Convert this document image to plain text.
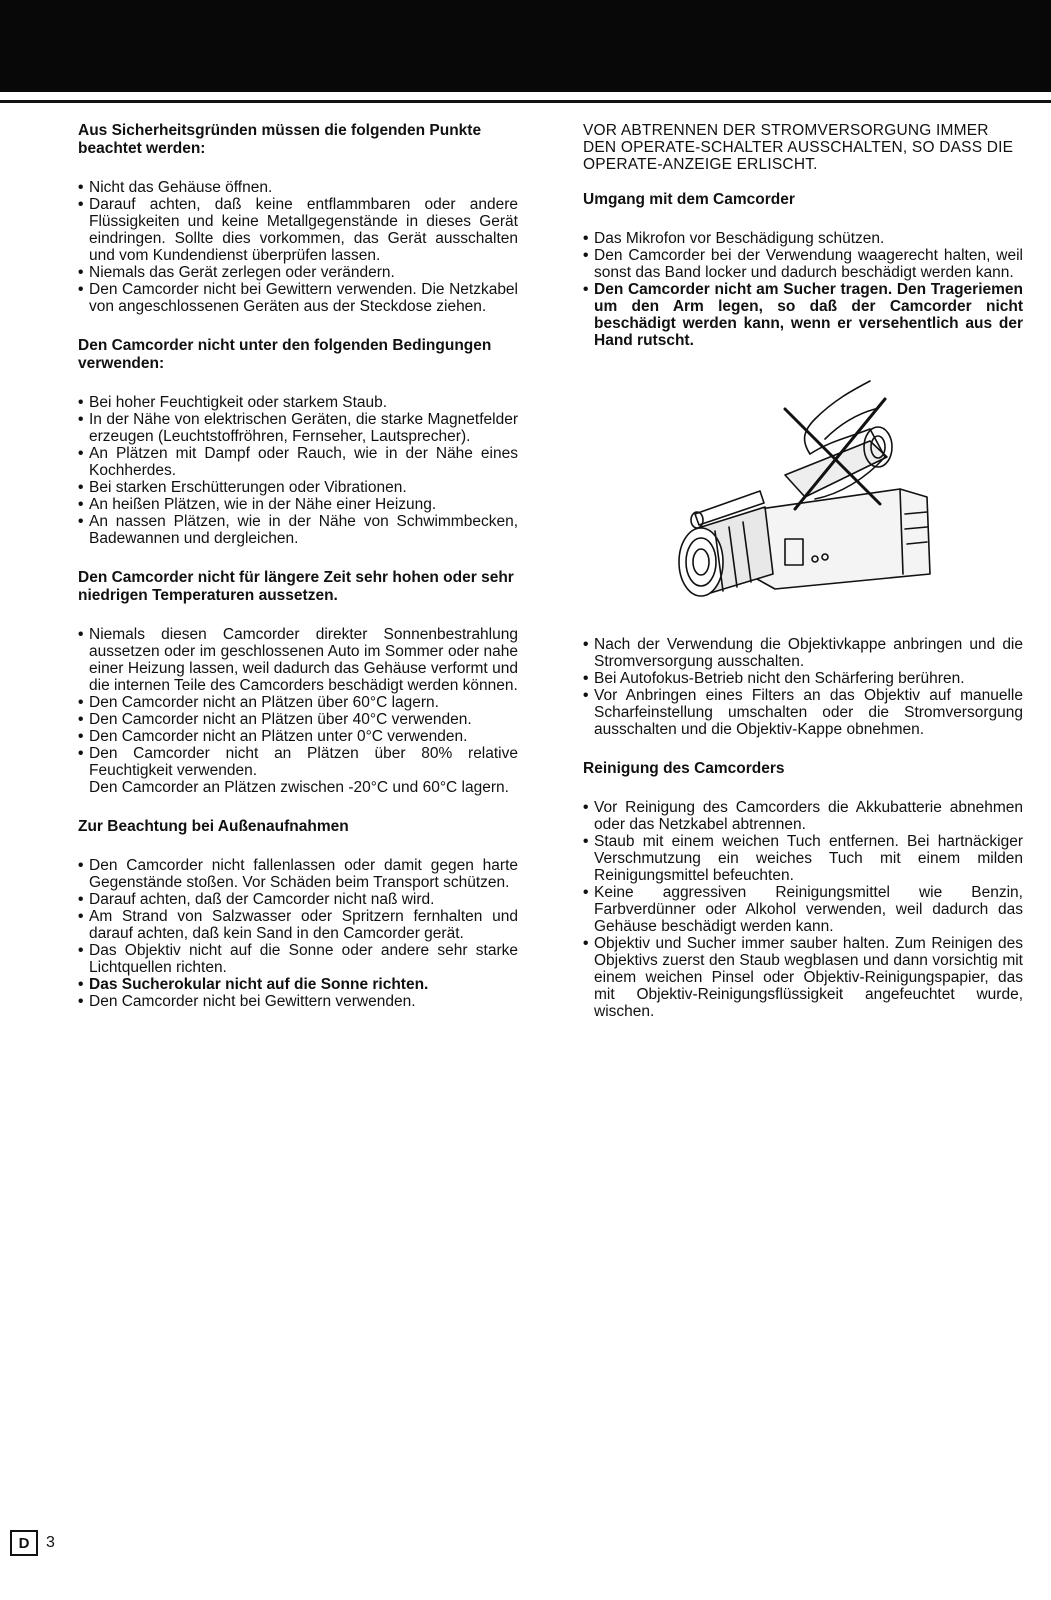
Aus Sicherheitsgründen müssen die folgenden Punkte beachtet werden:
• Nicht das Gehäuse öffnen.
• Darauf achten, daß keine entflammbaren oder andere Flüssigkeiten und keine Metallgegenstände in dieses Gerät eindringen. Sollte dies vorkommen, das Gerät ausschalten und vom Kundendienst überprüfen lassen.
• Niemals das Gerät zerlegen oder verändern.
• Den Camcorder nicht bei Gewittern verwenden. Die Netzkabel von angeschlossenen Geräten aus der Steckdose ziehen.
Den Camcorder nicht unter den folgenden Bedingungen verwenden:
• Bei hoher Feuchtigkeit oder starkem Staub.
• In der Nähe von elektrischen Geräten, die starke Magnetfelder erzeugen (Leuchtstoffröhren, Fernseher, Lautsprecher).
• An Plätzen mit Dampf oder Rauch, wie in der Nähe eines Kochherdes.
• Bei starken Erschütterungen oder Vibrationen.
• An heißen Plätzen, wie in der Nähe einer Heizung.
• An nassen Plätzen, wie in der Nähe von Schwimmbecken, Badewannen und dergleichen.
Den Camcorder nicht für längere Zeit sehr hohen oder sehr niedrigen Temperaturen aussetzen.
• Niemals diesen Camcorder direkter Sonnenbestrahlung aussetzen oder im geschlossenen Auto im Sommer oder nahe einer Heizung lassen, weil dadurch das Gehäuse verformt und die internen Teile des Camcorders beschädigt werden können.
• Den Camcorder nicht an Plätzen über 60°C lagern.
• Den Camcorder nicht an Plätzen über 40°C verwenden.
• Den Camcorder nicht an Plätzen unter 0°C verwenden.
• Den Camcorder nicht an Plätzen über 80% relative Feuchtigkeit verwenden.
Den Camcorder an Plätzen zwischen -20°C und 60°C lagern.
Zur Beachtung bei Außenaufnahmen
• Den Camcorder nicht fallenlassen oder damit gegen harte Gegenstände stoßen. Vor Schäden beim Transport schützen.
• Darauf achten, daß der Camcorder nicht naß wird.
• Am Strand von Salzwasser oder Spritzern fernhalten und darauf achten, daß kein Sand in den Camcorder gerät.
• Das Objektiv nicht auf die Sonne oder andere sehr starke Lichtquellen richten.
• Das Sucherokular nicht auf die Sonne richten.
• Den Camcorder nicht bei Gewittern verwenden.

VOR ABTRENNEN DER STROMVERSORGUNG IMMER DEN OPERATE-SCHALTER AUSSCHALTEN, SO DASS DIE OPERATE-ANZEIGE ERLISCHT.

Umgang mit dem Camcorder
• Das Mikrofon vor Beschädigung schützen.
• Den Camcorder bei der Verwendung waagerecht halten, weil sonst das Band locker und dadurch beschädigt werden kann.
• Den Camcorder nicht am Sucher tragen. Den Trageriemen um den Arm legen, so daß der Camcorder nicht beschädigt werden kann, wenn er versehentlich aus der Hand rutscht.
• Nach der Verwendung die Objektivkappe anbringen und die Stromversorgung ausschalten.
• Bei Autofokus-Betrieb nicht den Schärfering berühren.
• Vor Anbringen eines Filters an das Objektiv auf manuelle Scharfeinstellung umschalten oder die Stromversorgung ausschalten und die Objektiv-Kappe obnehmen.
Reinigung des Camcorders
• Vor Reinigung des Camcorders die Akkubatterie abnehmen oder das Netzkabel abtrennen.
• Staub mit einem weichen Tuch entfernen. Bei hartnäckiger Verschmutzung ein weiches Tuch mit einem milden Reinigungsmittel befeuchten.
• Keine aggressiven Reinigungsmittel wie Benzin, Farbverdünner oder Alkohol verwenden, weil dadurch das Gehäuse beschädigt werden kann.
• Objektiv und Sucher immer sauber halten. Zum Reinigen des Objektivs zuerst den Staub wegblasen und dann vorsichtig mit einem weichen Pinsel oder Objektiv-Reinigungspapier, das mit Objektiv-Reinigungsflüssigkeit angefeuchtet wurde, wischen.
D	3
